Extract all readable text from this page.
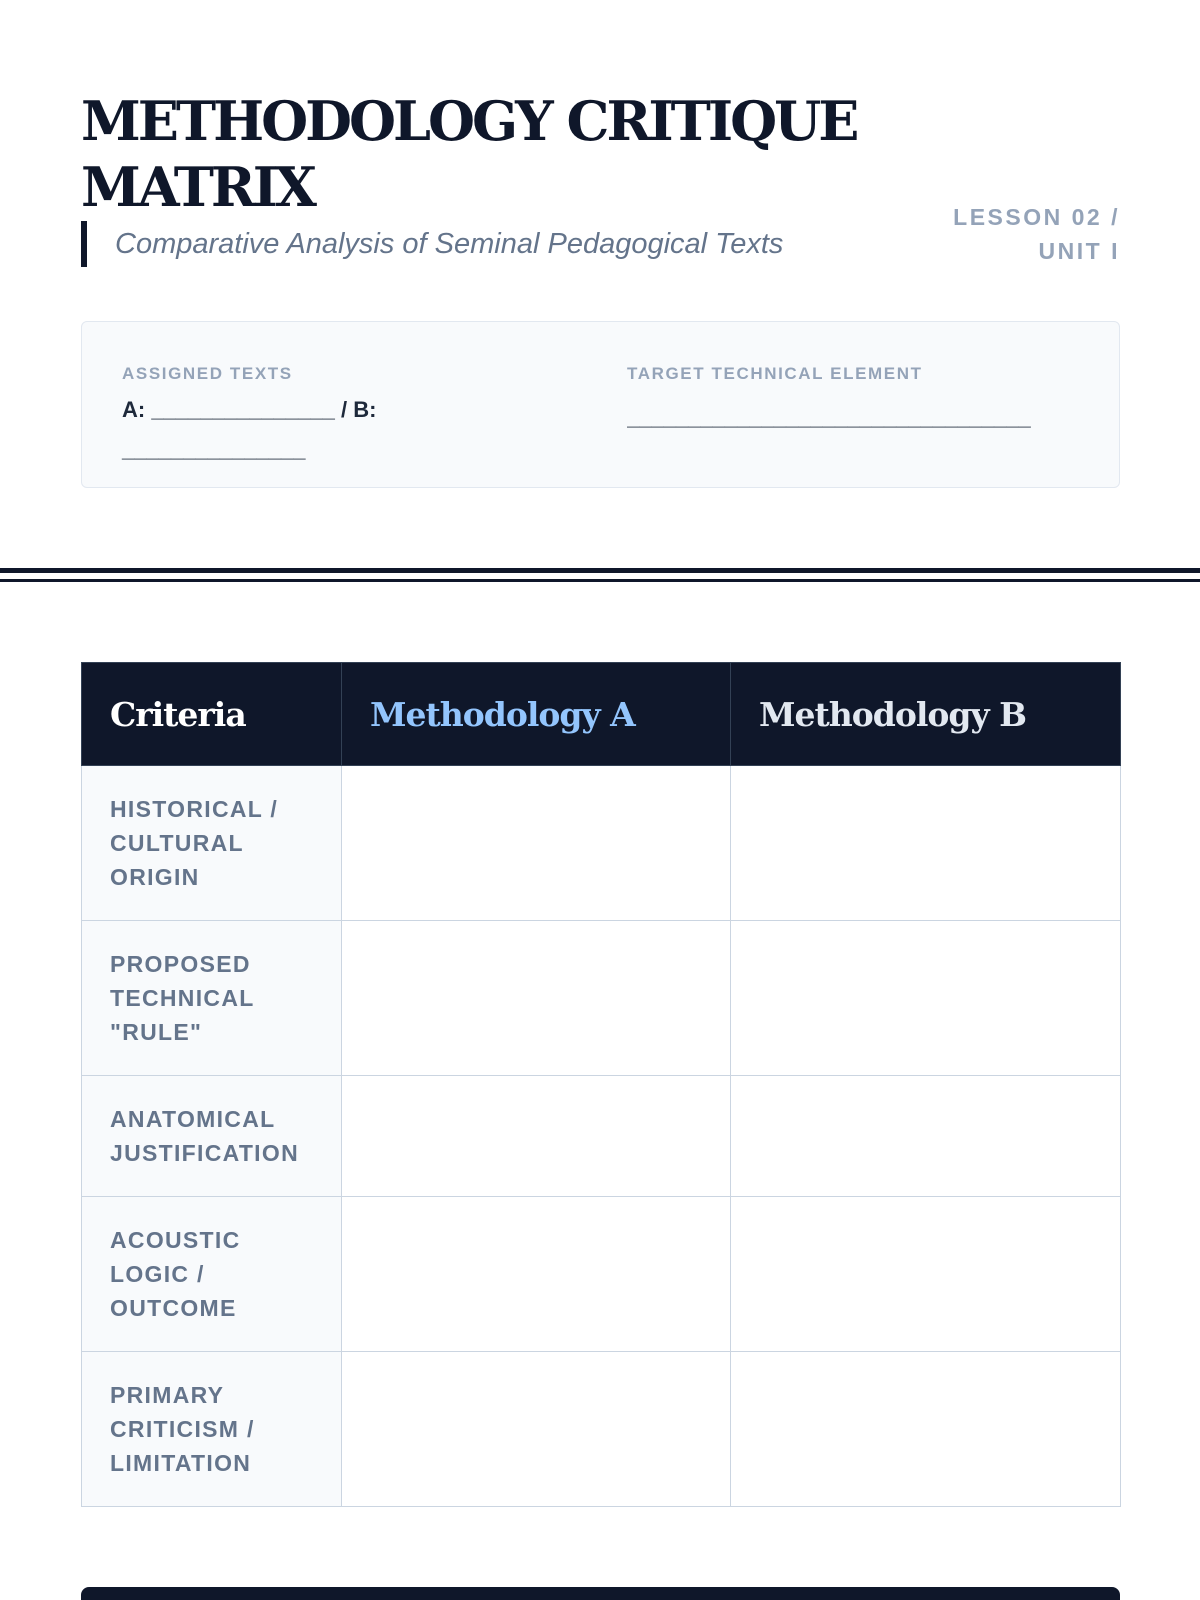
METHODOLOGY CRITIQUE MATRIX
Comparative Analysis of Seminal Pedagogical Texts
LESSON 02 / UNIT I
ASSIGNED TEXTS
A: _______________ / B: _______________
TARGET TECHNICAL ELEMENT
_________________________________
Criteria	Methodology A	Methodology B
HISTORICAL / CULTURAL ORIGIN		
PROPOSED TECHNICAL "RULE"		
ANATOMICAL JUSTIFICATION		
ACOUSTIC LOGIC / OUTCOME		
PRIMARY CRITICISM / LIMITATION		
